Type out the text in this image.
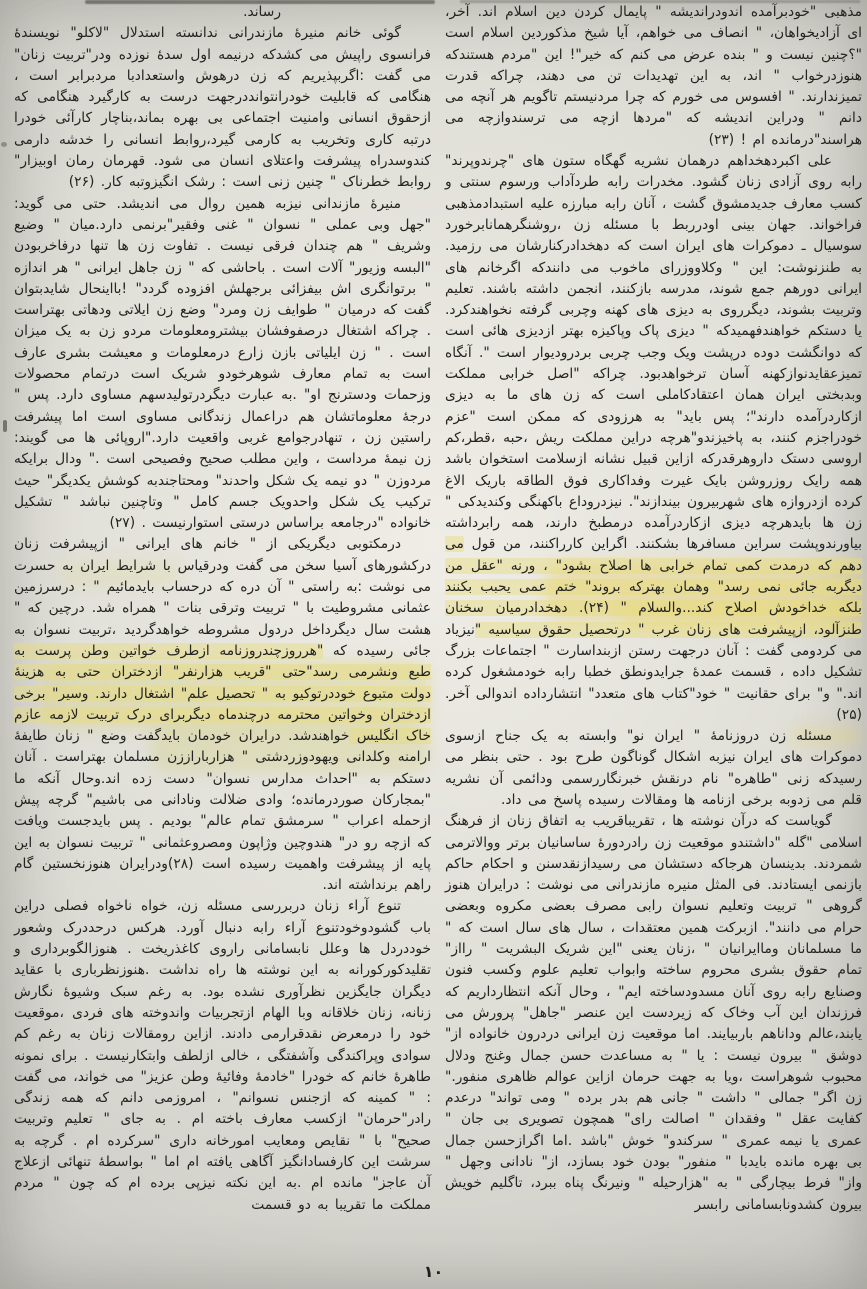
مذهبی "خودبرآمده اندودراندیشه " پایمال کردن دین اسلام اند. آخر، ای آزادیخواهان، " انصاف می خواهم، آیا شیخ مذکوردین اسلام است "؟چنین نیست و " بنده عرض می کنم که خیر"! این "مردم هستندکه هنوزدرخواب " اند، به این تهدیدات تن می دهند، چراکه قدرت تمیزندارند. " افسوس می خورم که چرا مردنیستم تاگویم هر آنچه می دانم " ودراین اندیشه که "مردها ازچه می ترسندوازچه می هراسند"درمانده ام ! (۲۳)

علی اکبردهخداهم درهمان نشریه گهگاه ستون های "چرندوپرند" رابه روی آزادی زنان گشود. مخدرات رابه طردآداب ورسوم سنتی و کسب معارف جدیدمشوق گشت ، آنان رابه مبارزه علیه استبدادمذهبی فراخواند. جهان بینی اودرربط با مسئله زن ،روشنگرهمانابرخورد سوسیال ـ دموکرات های ایران است که دهخدادرکنارشان می رزمید. به طنزنوشت: این " وکلاووزرای ماخوب می دانندکه اگرخانم های ایرانی دورهم جمع شوند، مدرسه بازکنند، انجمن داشته باشند. تعلیم وتربیت بشوند، دیگرروی به دیزی های کهنه وچربی گرفته نخواهندکرد. یا دستکم خواهندفهمیدکه " دیزی پاک وپاکیزه بهتر ازدیزی هائی است که دوانگشت دوده درپشت ویک وجب چربی بردرودیوار است ". آنگاه تمیزعقایدنوازکهنه آسان ترخواهدبود. چراکه "اصل خرابی مملکت وبدبختی ایران همان اعتقادکاملی است که زن های ما به دیزی ازکاردرآمده دارند"؛ پس باید" به هرزودی که ممکن است "عزم خودراجزم کنند، به پاخیزندو"هرچه دراین مملکت ریش ،حبه ،قطر،کم اروسی دستک داروهرقدرکه ازاین قبیل نشانه ازسلامت استخوان باشد همه رایک روزروشن بایک غیرت وفداکاری فوق الطاقه باریک الاغ کرده ازدروازه های شهربیرون بیندازند". نیزدروداع باکهنگی وکندیدکی " زن ها بایدهرچه دیزی ازکاردرآمده درمطبخ دارند، همه رابرداشته بیاورندوپشت سراین مسافرها بشکنند. اگراین کارراکنند، من قول می دهم که درمدت کمی تمام خرابی ها اصلاح بشود" ، ورنه "عقل من دیگربه جائی نمی رسد" وهمان بهترکه بروند" ختم عمی یحبب بکنند بلکه خداخودش اصلاح کند...والسلام " (۲۴). دهخدادرمیان سخنان طنزآلود، ازپیشرفت های زنان غرب " درتحصیل حقوق سیاسیه "نیزیاد می کردومی گفت : آنان درجهت رستن ازبنداسارت " اجتماعات بزرگ تشکیل داده ، قسمت عمدهٔ جرایدونطق خطبا رابه خودمشغول کرده اند." و" برای حقانیت " خود"کتاب های متعدد" انتشارداده اندوالی آخر. (۲۵)

مسئله زن دروزنامهٔ " ایران نو" وابسته به یک جناح ازسوی دموکرات های ایران نیزبه اشکال گوناگون طرح بود . حتی بنظر می رسیدکه زنی "طاهره" نام درنقش خبرنگاررسمی ودائمی آن نشریه قلم می زدوبه برخی ازنامه ها ومقالات رسیده پاسخ می داد.

گویاست که درآن نوشته ها ، تقریباقریب به اتفاق زنان از فرهنگ اسلامی "گله "داشتندو موقعیت زن رادردورهٔ ساسانیان برتر ووالاترمی شمردند. بدینسان هرجاکه دستشان می رسیدازنقدسنن و احکام حاکم بازنمی ایستادند. فی المثل منیره مازندرانی می نوشت : درایران هنوز گروهی " تربیت وتعلیم نسوان رابی مصرف بعضی مکروه وبعضی حرام می دانند". ازبرکت همین معتقدات ، سال های سال است که " ما مسلمانان وماایرانیان " ،زنان یعنی "این شریک البشریت " رااز" تمام حقوق بشری محروم ساخته وابواب تعلیم علوم وکسب فنون وصنایع رابه روی آنان مسدودساخته ایم" ، وحال آنکه انتظارداریم که فرزندان این آب وخاک که زیردست این عنصر "جاهل" پرورش می یابند،عالم وداناهم باربیایند. اما موقعیت زن ایرانی دردرون خانواده از" دوشق " بیرون نیست : یا " به مساعدت حسن جمال وغنج ودلال محبوب شوهراست ،ویا به جهت حرمان ازاین عوالم ظاهری منفور." زن اگر" جمالی " داشت " جانی هم بدر برده " ومی تواند" درعدم کفایت عقل " وفقدان " اصالت رای" همچون تصویری بی جان " عمری یا نیمه عمری " سرکندو" خوش "باشد .اما اگرازحسن جمال بی بهره مانده بایدبا " منفور" بودن خود بسازد، از" نادانی وجهل " واز" فرط بیچارگی " به "هزارحیله " ونیرنگ پناه ببرد، تاگلیم خویش بیرون کشدونابسامانی رابسر

رساند.

گوئی خانم منیرهٔ مازندرانی ندانسته استدلال "لاکلو" نویسندهٔ فرانسوی راپیش می کشدکه درنیمه اول سدهٔ نوزده ودر"تربیت زنان" می گفت :اگربپذیریم که زن درهوش واستعدادبا مردبرابر است ، هنگامی که قابلیت خودرانتوانددرجهت درست به کارگیرد هنگامی که ازحقوق انسانی وامنیت اجتماعی بی بهره بماند،بناچار کارآئی خودرا درتبه کاری وتخریب به کارمی گیرد،روابط انسانی را خدشه دارمی کندوسدراه پیشرفت واعتلای انسان می شود. قهرمان رمان اوبیزار" روابط خطرناک " چنین زنی است : رشک انگیزوتبه کار. (۲۶)

منیرهٔ مازندانی نیزبه همین روال می اندیشد. حتی می گوید: "جهل وبی عملی " نسوان " غنی وفقیر"برنمی دارد.میان " وضیع وشریف " هم چندان فرقی نیست . تفاوت زن ها تنها درفاخربودن "البسه وزیور" آلات است . باحاشی که " زن جاهل ایرانی " هر اندازه " برتوانگری اش بیفزائی برجهلش افزوده گردد" !بااینحال شایدبتوان گفت که درمیان " طوایف زن ومرد" وضع زن ایلاتی ودهاتی بهتراست . چراکه اشتغال درصفوفشان بیشترومعلومات مردو زن به یک میزان است . " زن ایلیاتی بازن زارع درمعلومات و معیشت بشری عارف است به تمام معارف شوهرخودو شریک است درتمام محصولات وزحمات ودسترنج او" .به عبارت دیگردرتولیدسهم مساوی دارد. پس " درجهٔ معلوماتشان هم دراعمال زندگانی مساوی است اما پیشرفت راستین زن ، تنهادرجوامع غربی واقعیت دارد."اروپائی ها می گویند: زن نیمهٔ مرداست ، واین مطلب صحیح وفصیحی است ." ودال برایکه مردوزن " دو نیمه یک شکل واحدند" ومحتاجندبه کوشش یکدیگر" حیث ترکیب یک شکل واحدویک جسم کامل " وتاچنین نباشد " تشکیل خانواده "درجامعه براساس درستی استوارنیست . (۲۷)

درمکتوبی دیگریکی از " خانم های ایرانی " ازپیشرفت زنان درکشورهای آسیا سخن می گفت ودرقیاس با شرایط ایران به حسرت می نوشت :به راستی " آن دره که درحساب بایدمائیم " : درسرزمین عثمانی مشروطیت با " تربیت وترقی بنات " همراه شد. درچین که " هشت سال دیگرداخل دردول مشروطه خواهدگردید ،تربیت نسوان به جائی رسیده که "هرروزچندروزنامه ازطرف خواتین وطن پرست به طبع ونشرمی رسد"حتی "قریب هزارنفر" ازدختران حتی به هزینهٔ دولت متبوع خوددرتوکیو به " تحصیل علم" اشتغال دارند. وسیر" برخی ازدختران وخواتین محترمه درچندماه دیگربرای درک تربیت لازمه عازم خاک انگلیس خواهندشد. درایران خودمان بایدگفت وضع " زنان طایفهٔ ارامنه وکلدانی ویهودوزردشتی " هزارباراززن مسلمان بهتراست . آنان دستکم به "احداث مدارس نسوان" دست زده اند.وحال آنکه ما "بمجارکان صوردرمانده؛ وادی ضلالت ونادانی می باشیم" گرچه پیش ازحمله اعراب " سرمشق تمام عالم" بودیم . پس بایدجست ویافت که ازچه رو در" هندوچین وژاپون ومصروعثمانی " تربیت نسوان به این پایه از پیشرفت واهمیت رسیده است (۲۸)ودرایران هنوزنخستین گام راهم برنداشته اند.

تنوع آراء زنان دربررسی مسئله زن، خواه ناخواه فصلی دراین باب گشودوخودتنوع آراء رابه دنبال آورد. هرکس درحددرک وشعور خوددردل ها وعلل نابسامانی راروی کاغذریخت . هنوزالگوبرداری و تقلیدکورکورانه به این نوشته ها راه نداشت .هنوزنظرباری با عقاید دیگران جایگزین نظرآوری نشده بود. به رغم سبک وشیوهٔ نگارش زنانه، زنان خلاقانه وبا الهام ازتجربیات واندوخته های فردی ،موقعیت خود را درمعرض نقدقرارمی دادند. ازاین رومقالات زنان به رغم کم سوادی وپراکندگی وآشفتگی ، خالی ازلطف وابتکارنیست . برای نمونه طاهرهٔ خانم که خودرا "خادمهٔ وفائیهٔ وطن عزیز" می خواند، می گفت : " کمینه که ازجنس نسوانم" ، امروزمی دانم که همه زندگی رادر"حرمان" ازکسب معارف باخته ام . به جای " تعلیم وتربیت صحیح" با " نقایص ومعایب امورخانه داری "سرکرده ام . گرچه به سرشت این کارفسادانگیز آگاهی یافته ام اما " بواسطهٔ تنهائی ازعلاج آن عاجز" مانده ام .به این نکته نیزپی برده ام که چون " مردم مملکت ما تقریبا به دو قسمت

١٠
